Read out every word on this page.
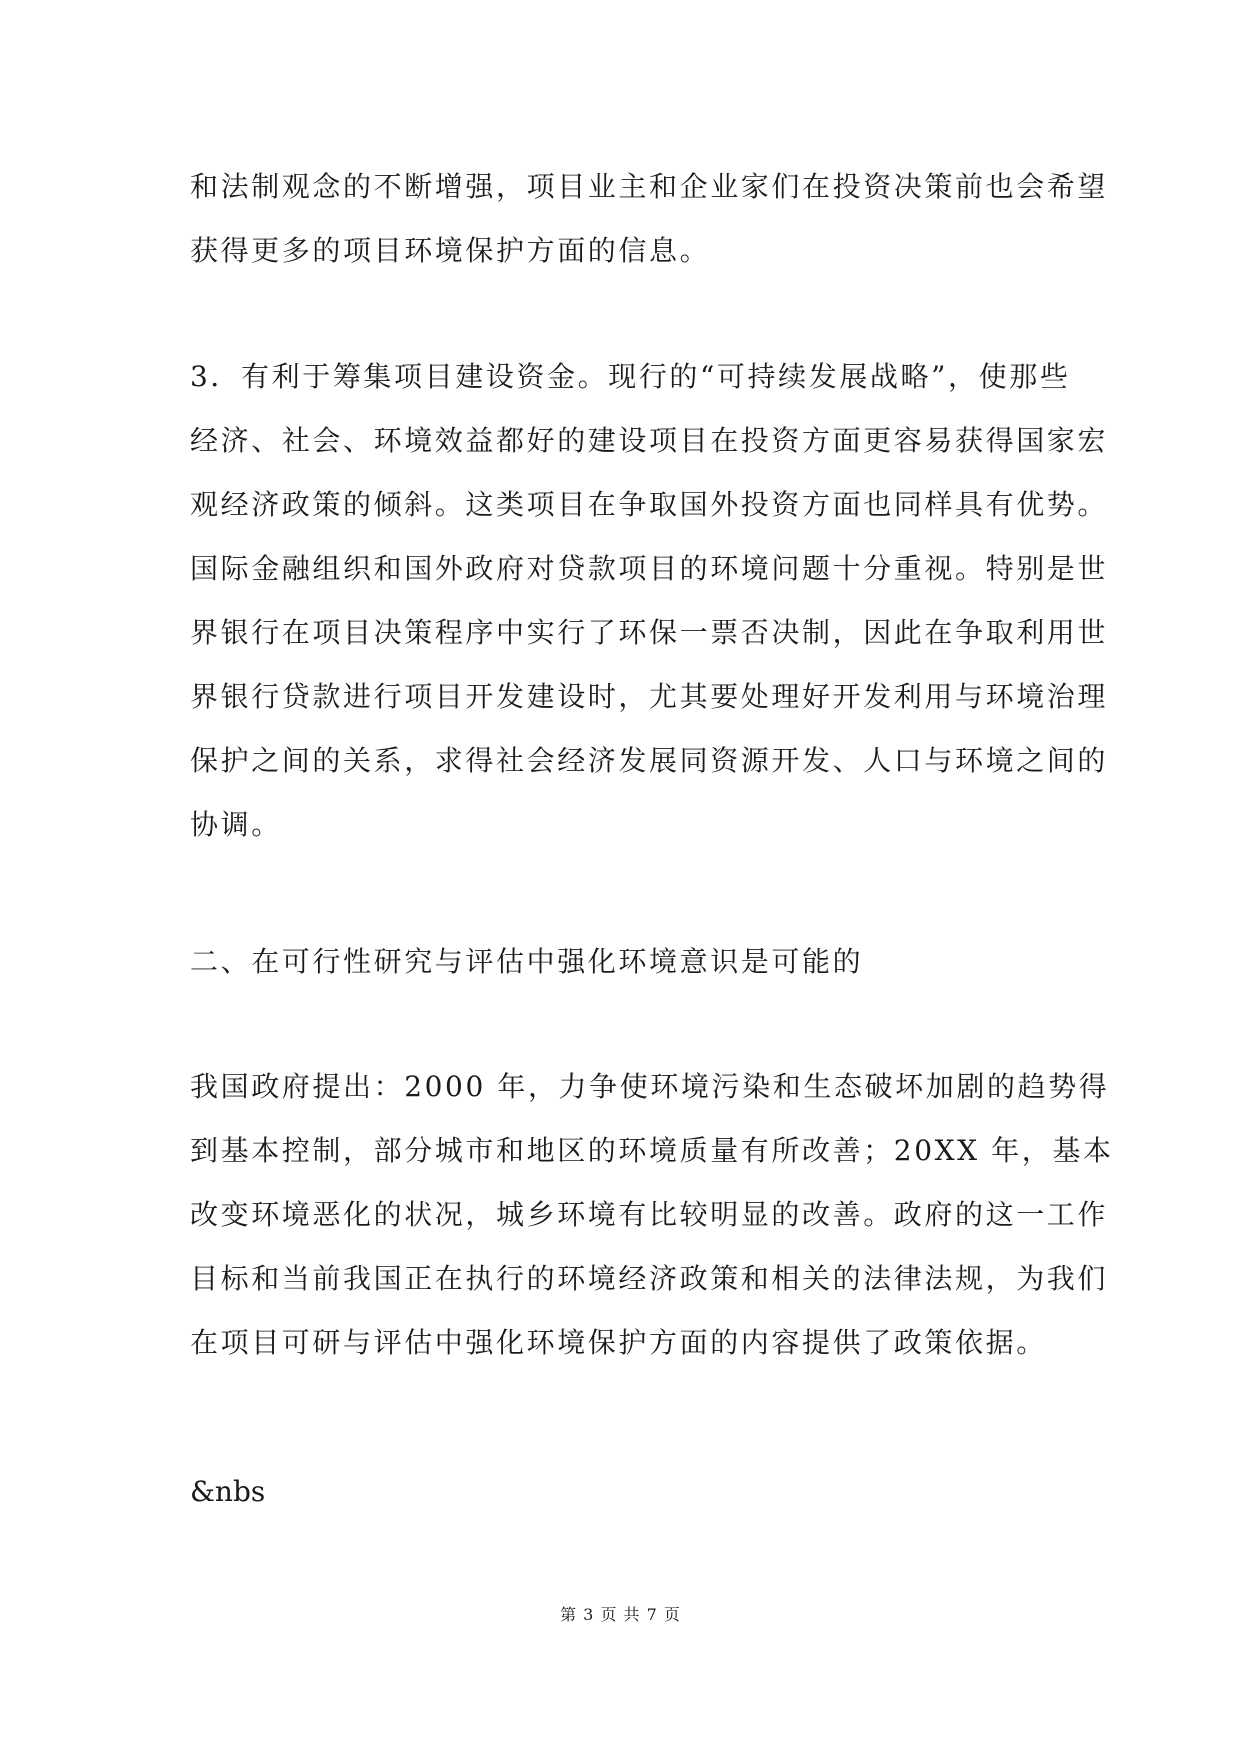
和法制观念的不断增强，项目业主和企业家们在投资决策前也会希望
获得更多的项目环境保护方面的信息。
3．有利于筹集项目建设资金。现行的“可持续发展战略”，使那些
经济、社会、环境效益都好的建设项目在投资方面更容易获得国家宏
观经济政策的倾斜。这类项目在争取国外投资方面也同样具有优势。
国际金融组织和国外政府对贷款项目的环境问题十分重视。特别是世
界银行在项目决策程序中实行了环保一票否决制，因此在争取利用世
界银行贷款进行项目开发建设时，尤其要处理好开发利用与环境治理
保护之间的关系，求得社会经济发展同资源开发、人口与环境之间的
协调。
二、在可行性研究与评估中强化环境意识是可能的
我国政府提出：2000 年，力争使环境污染和生态破坏加剧的趋势得
到基本控制，部分城市和地区的环境质量有所改善；20XX 年，基本
改变环境恶化的状况，城乡环境有比较明显的改善。政府的这一工作
目标和当前我国正在执行的环境经济政策和相关的法律法规，为我们
在项目可研与评估中强化环境保护方面的内容提供了政策依据。
&nbs
第 3 页 共 7 页
